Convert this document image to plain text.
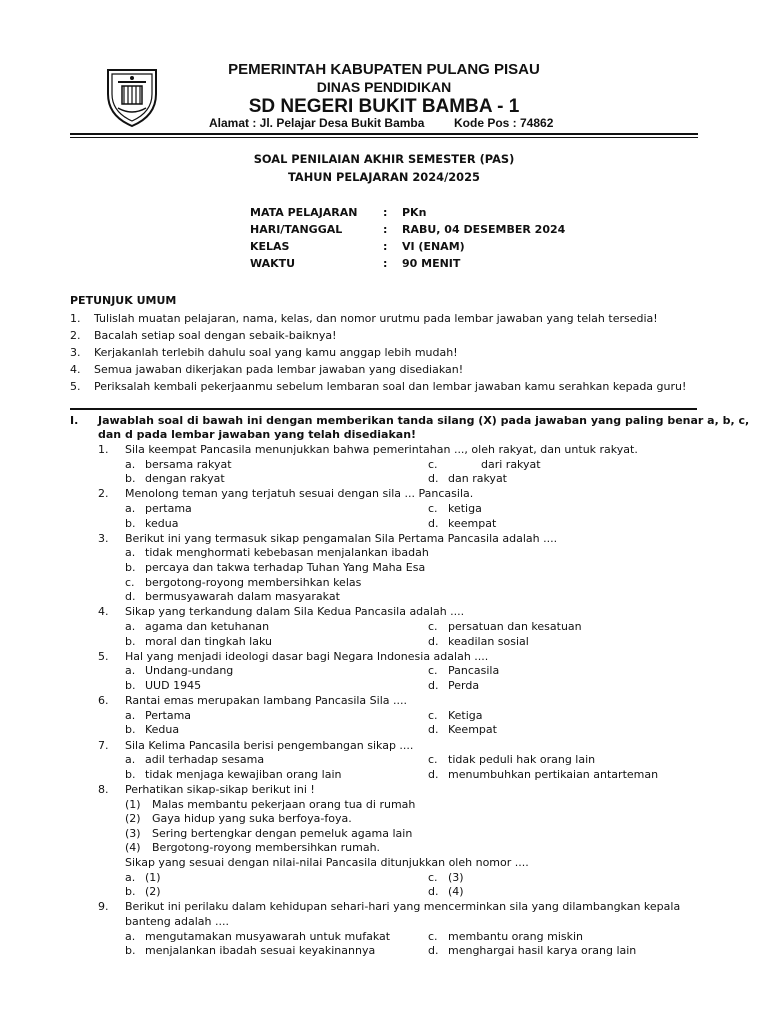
PEMERINTAH KABUPATEN PULANG PISAU
DINAS PENDIDIKAN
SD NEGERI BUKIT BAMBA - 1
Alamat : Jl. Pelajar Desa Bukit Bamba Kode Pos : 74862
SOAL PENILAIAN AKHIR SEMESTER (PAS)
TAHUN PELAJARAN 2024/2025
MATA PELAJARAN : PKn
HARI/TANGGAL	: RABU, 04 DESEMBER 2024
KELAS	: VI (ENAM)
WAKTU	: 90 MENIT
PETUNJUK UMUM
1. Tulislah muatan pelajaran, nama, kelas, dan nomor urutmu pada lembar jawaban yang telah tersedia!
2. Bacalah setiap soal dengan sebaik-baiknya!
3. Kerjakanlah terlebih dahulu soal yang kamu anggap lebih mudah!
4. Semua jawaban dikerjakan pada lembar jawaban yang disediakan!
5. Periksalah kembali pekerjaanmu sebelum lembaran soal dan lembar jawaban kamu serahkan kepada guru!
I. Jawablah soal di bawah ini dengan memberikan tanda silang (X) pada jawaban yang paling benar a, b, c,
dan d pada lembar jawaban yang telah disediakan!
1. Sila keempat Pancasila menunjukkan bahwa pemerintahan ..., oleh rakyat, dan untuk rakyat.
a. bersama rakyat	c.	dari rakyat
b. dengan rakyat	d. dan rakyat
2. Menolong teman yang terjatuh sesuai dengan sila ... Pancasila.
a. pertama	c. ketiga
b. kedua	d. keempat
3. Berikut ini yang termasuk sikap pengamalan Sila Pertama Pancasila adalah ....
a. tidak menghormati kebebasan menjalankan ibadah
b. percaya dan takwa terhadap Tuhan Yang Maha Esa
c. bergotong-royong membersihkan kelas
d. bermusyawarah dalam masyarakat
4. Sikap yang terkandung dalam Sila Kedua Pancasila adalah ....
a. agama dan ketuhanan	c. persatuan dan kesatuan
b. moral dan tingkah laku	d. keadilan sosial
5. Hal yang menjadi ideologi dasar bagi Negara Indonesia adalah ....
a. Undang-undang	c. Pancasila
b. UUD 1945	d. Perda
6. Rantai emas merupakan lambang Pancasila Sila ....
a. Pertama	c. Ketiga
b. Kedua	d. Keempat
7. Sila Kelima Pancasila berisi pengembangan sikap ....
a. adil terhadap sesama	c. tidak peduli hak orang lain
b. tidak menjaga kewajiban orang lain	d. menumbuhkan pertikaian antarteman
8. Perhatikan sikap-sikap berikut ini !
(1) Malas membantu pekerjaan orang tua di rumah
(2) Gaya hidup yang suka berfoya-foya.
(3) Sering bertengkar dengan pemeluk agama lain
(4) Bergotong-royong membersihkan rumah.
Sikap yang sesuai dengan nilai-nilai Pancasila ditunjukkan oleh nomor ....
a. (1)	c. (3)
b. (2)	d. (4)
9. Berikut ini perilaku dalam kehidupan sehari-hari yang mencerminkan sila yang dilambangkan kepala
banteng adalah ....
a. mengutamakan musyawarah untuk mufakat	c. membantu orang miskin
b. menjalankan ibadah sesuai keyakinannya	d. menghargai hasil karya orang lain
